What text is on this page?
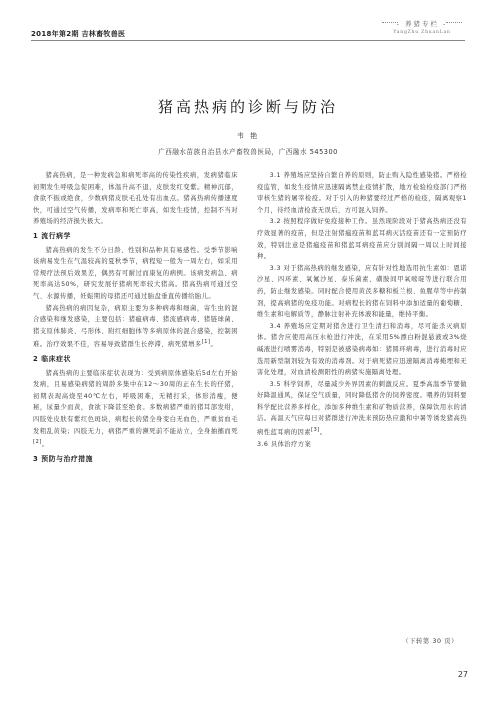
2018年第2期 吉林畜牧兽医
- 养猪专栏 -
YangZhu ZhuanLan
猪高热病的诊断与防治
韦 艳
广西融水苗族自治县水产畜牧兽医局，广西融水 545300

猪高热病，是一种发病急和病死率高的传染性疾病，发病猪临床初期发生呼吸急促困难，体温升高不退，皮肤发红变紫。精神沉郁，食欲不振或绝食，少数病猪皮肤毛孔处有出血点。猪高热病传播速度快，可通过空气传播，发病率和死亡率高，如发生疫情，控制不当对养殖场的经济损失极大。

1 流行病学

猪高热病的发生不分日龄、性别和品种具有易感性。受季节影响该病易发生在气温较高的夏秋季节，病程短一般为一周左右，如采用常规疗法预后效果差，偶然有可耐过而康复的病例。该病发病急、病死率高达50%，研究发展仔猪病死率较大猪高。猪高热病可通过空气、水源传播，妊娠期的母猪还可通过胎盘垂直传播给胎儿。

猪高热病的病因复杂，病原主要为多种病毒和细菌，寄生虫的混合感染和继发感染，主要包括：猪瘟病毒、猪流感病毒、猪链球菌、猪支原体肺炎、弓形体、附红细胞体等多病原体的混合感染，控制困难。治疗效果不佳，容易导致猪群生长停滞、病死猪增多[1]。

2 临床症状

猪高热病的主要临床症状表现为：受到病原体感染后5d左右开始发病，且易感染病猪的周龄多集中在12～30周的正在生长的仔猪，初期表现高烧至40℃左右，呼吸困难，无精打采，体形消瘦，便秘，尿量少而黄，食欲下降甚至绝食。多数病猪严重的猪耳部发绀，四肢处皮肤有紫红色斑块，病程长的猪全身变白无血色，严重贫血毛发粗乱黄染；四肢无力，病猪严重的濒死前不能站立，全身抽搐而死[2]。

3 预防与治疗措施

3.1 养殖场应坚持自繁自养的原则，防止购入隐性感染猪。严格检疫监管，如发生疫情应迅速隔离禁止疫情扩散，地方检验检疫部门严格审核生猪的屠宰检疫。对于引入的种猪要经过严格的检疫，隔离观察1个月，待经血清检查无误后，方可混入饲养。

3.2 按照程序做好免疫接种工作。虽然现阶段对于猪高热病还没有疗效显著的疫苗，但是注射猪瘟疫苗和蓝耳病灭活疫苗还有一定预防疗效，特别注意是猪瘟疫苗和猪蓝耳病疫苗应分别间隔一周以上时间接种。

3.3 对于猪高热病的继发感染，应有针对性地选用抗生素如：恩诺沙星、四环素、氧氟沙星、泰乐菌素、磺胺间甲氧嘧啶等进行联合用药，防止继发感染。同时配合使用黄芪多糖和板兰根、鱼腥草等中药制剂，提高病猪的免疫功能。对病程长的猪在饲料中添加适量的葡萄糖、维生素和电解质等，静脉注射补充体液和能量，维持平衡。

3.4 养殖场应定期对猪舍进行卫生清扫和消毒，尽可能杀灭病原体。猪舍应使用高压水枪进行冲洗，在采用5%漂白粉混悬液或3%烧碱液进行喷雾消毒，特别是被感染病毒如：猪圆环病毒，进行消毒时应选用新型制剂较为有效的消毒剂。对于病死猪应迅速隔离消毒掩埋和无害化处理，对血清检测阳性的病猪实施隔离处理。

3.5 科学饲养，尽量减少外界因素的刺激反应。夏季高温季节要做好降温通风，保证空气质量，同时降低猪舍的饲养密度。喂养的饲料要科学配比营养多样化，添加多种维生素和矿物质营养，保障饮用水的清洁。高温天气应每日对猪群进行冲洗来预防热应激和中暑等诱发猪高热病性蓝耳病的因素[3]。

3.6 具体治疗方案

（下转第 30 页）
27
